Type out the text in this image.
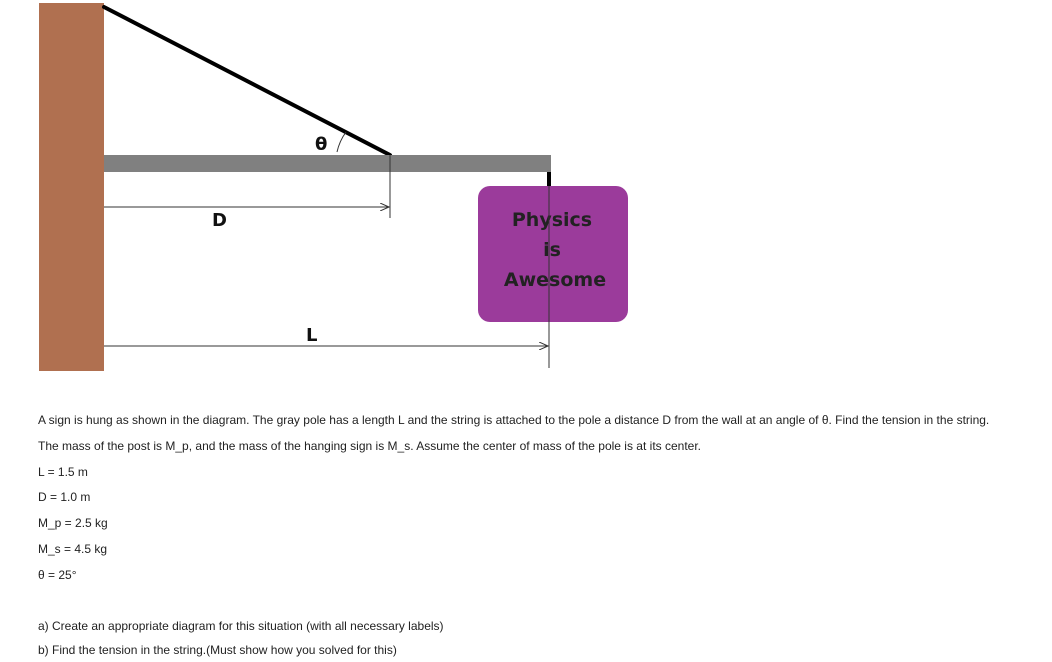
θ
D	Physics
is
Awesome
L
A sign is hung as shown in the diagram. The gray pole has a length L and the string is attached to the pole a distance D from the wall at an angle of θ. Find the tension in the string.
The mass of the post is M_p, and the mass of the hanging sign is M_s. Assume the center of mass of the pole is at its center.
L = 1.5 m
D = 1.0 m
M_p = 2.5 kg
M_s = 4.5 kg
θ = 25°
a) Create an appropriate diagram for this situation (with all necessary labels)
b) Find the tension in the string.(Must show how you solved for this)
